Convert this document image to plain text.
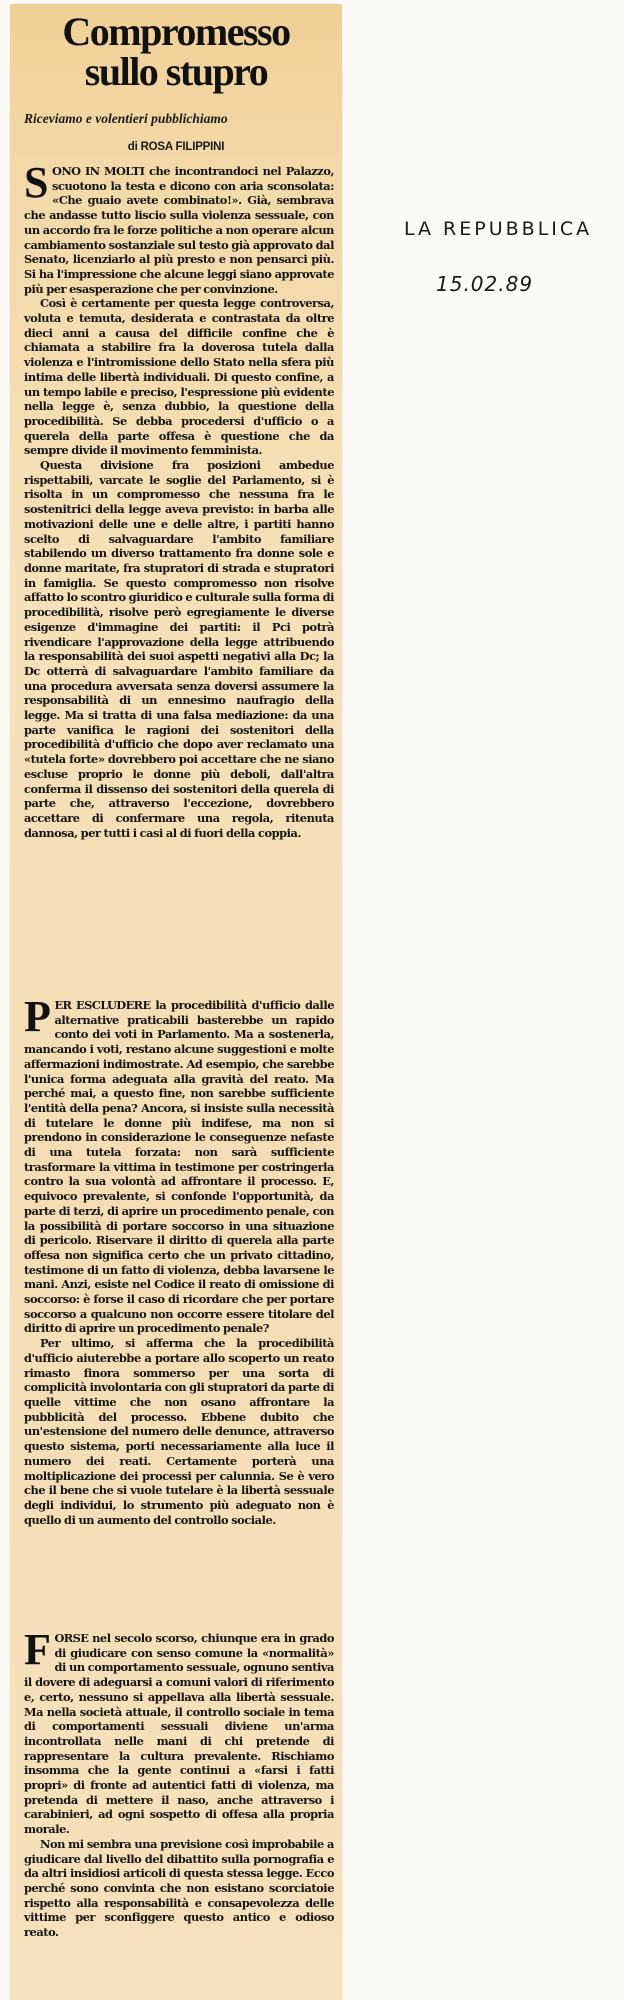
Compromesso
sullo stupro
Riceviamo e volentieri pubblichiamo
di ROSA FILIPPINI

SONO IN MOLTI che incontrandoci nel Palazzo, scuotono la testa e dicono con aria sconsolata: «Che guaio avete combinato!». Già, sembrava che andasse tutto liscio sulla violenza sessuale, con un accordo fra le forze politiche a non operare alcun cambiamento sostanziale sul testo già approvato dal Senato, licenziarlo al più presto e non pensarci più. Si ha l'impressione che alcune leggi siano approvate più per esasperazione che per convinzione.

Così è certamente per questa legge controversa, voluta e temuta, desiderata e contrastata da oltre dieci anni a causa del difficile confine che è chiamata a stabilire fra la doverosa tutela dalla violenza e l'intromissione dello Stato nella sfera più intima delle libertà individuali. Di questo confine, a un tempo labile e preciso, l'espressione più evidente nella legge è, senza dubbio, la questione della procedibilità. Se debba procedersi d'ufficio o a querela della parte offesa è questione che da sempre divide il movimento femminista.

Questa divisione fra posizioni ambedue rispettabili, varcate le soglie del Parlamento, si è risolta in un compromesso che nessuna fra le sostenitrici della legge aveva previsto: in barba alle motivazioni delle une e delle altre, i partiti hanno scelto di salvaguardare l'ambito familiare stabilendo un diverso trattamento fra donne sole e donne maritate, fra stupratori di strada e stupratori in famiglia. Se questo compromesso non risolve affatto lo scontro giuridico e culturale sulla forma di procedibilità, risolve però egregiamente le diverse esigenze d'immagine dei partiti: il Pci potrà rivendicare l'approvazione della legge attribuendo la responsabilità dei suoi aspetti negativi alla Dc; la Dc otterrà di salvaguardare l'ambito familiare da una procedura avversata senza doversi assumere la responsabilità di un ennesimo naufragio della legge. Ma si tratta di una falsa mediazione: da una parte vanifica le ragioni dei sostenitori della procedibilità d'ufficio che dopo aver reclamato una «tutela forte» dovrebbero poi accettare che ne siano escluse proprio le donne più deboli, dall'altra conferma il dissenso dei sostenitori della querela di parte che, attraverso l'eccezione, dovrebbero accettare di confermare una regola, ritenuta dannosa, per tutti i casi al di fuori della coppia.

PER ESCLUDERE la procedibilità d'ufficio dalle alternative praticabili basterebbe un rapido conto dei voti in Parlamento. Ma a sostenerla, mancando i voti, restano alcune suggestioni e molte affermazioni indimostrate. Ad esempio, che sarebbe l'unica forma adeguata alla gravità del reato. Ma perché mai, a questo fine, non sarebbe sufficiente l'entità della pena? Ancora, si insiste sulla necessità di tutelare le donne più indifese, ma non si prendono in considerazione le conseguenze nefaste di una tutela forzata: non sarà sufficiente trasformare la vittima in testimone per costringerla contro la sua volontà ad affrontare il processo. E, equivoco prevalente, si confonde l'opportunità, da parte di terzi, di aprire un procedimento penale, con la possibilità di portare soccorso in una situazione di pericolo. Riservare il diritto di querela alla parte offesa non significa certo che un privato cittadino, testimone di un fatto di violenza, debba lavarsene le mani. Anzi, esiste nel Codice il reato di omissione di soccorso: è forse il caso di ricordare che per portare soccorso a qualcuno non occorre essere titolare del diritto di aprire un procedimento penale?

Per ultimo, si afferma che la procedibilità d'ufficio aiuterebbe a portare allo scoperto un reato rimasto finora sommerso per una sorta di complicità involontaria con gli stupratori da parte di quelle vittime che non osano affrontare la pubblicità del processo. Ebbene dubito che un'estensione del numero delle denunce, attraverso questo sistema, porti necessariamente alla luce il numero dei reati. Certamente porterà una moltiplicazione dei processi per calunnia. Se è vero che il bene che si vuole tutelare è la libertà sessuale degli individui, lo strumento più adeguato non è quello di un aumento del controllo sociale.

FORSE nel secolo scorso, chiunque era in grado di giudicare con senso comune la «normalità» di un comportamento sessuale, ognuno sentiva il dovere di adeguarsi a comuni valori di riferimento e, certo, nessuno si appellava alla libertà sessuale. Ma nella società attuale, il controllo sociale in tema di comportamenti sessuali diviene un'arma incontrollata nelle mani di chi pretende di rappresentare la cultura prevalente. Rischiamo insomma che la gente continui a «farsi i fatti propri» di fronte ad autentici fatti di violenza, ma pretenda di mettere il naso, anche attraverso i carabinieri, ad ogni sospetto di offesa alla propria morale.

Non mi sembra una previsione così improbabile a giudicare dal livello del dibattito sulla pornografia e da altri insidiosi articoli di questa stessa legge. Ecco perché sono convinta che non esistano scorciatoie rispetto alla responsabilità e consapevolezza delle vittime per sconfiggere questo antico e odioso reato.

LA REPUBBLICA
15.02.89
